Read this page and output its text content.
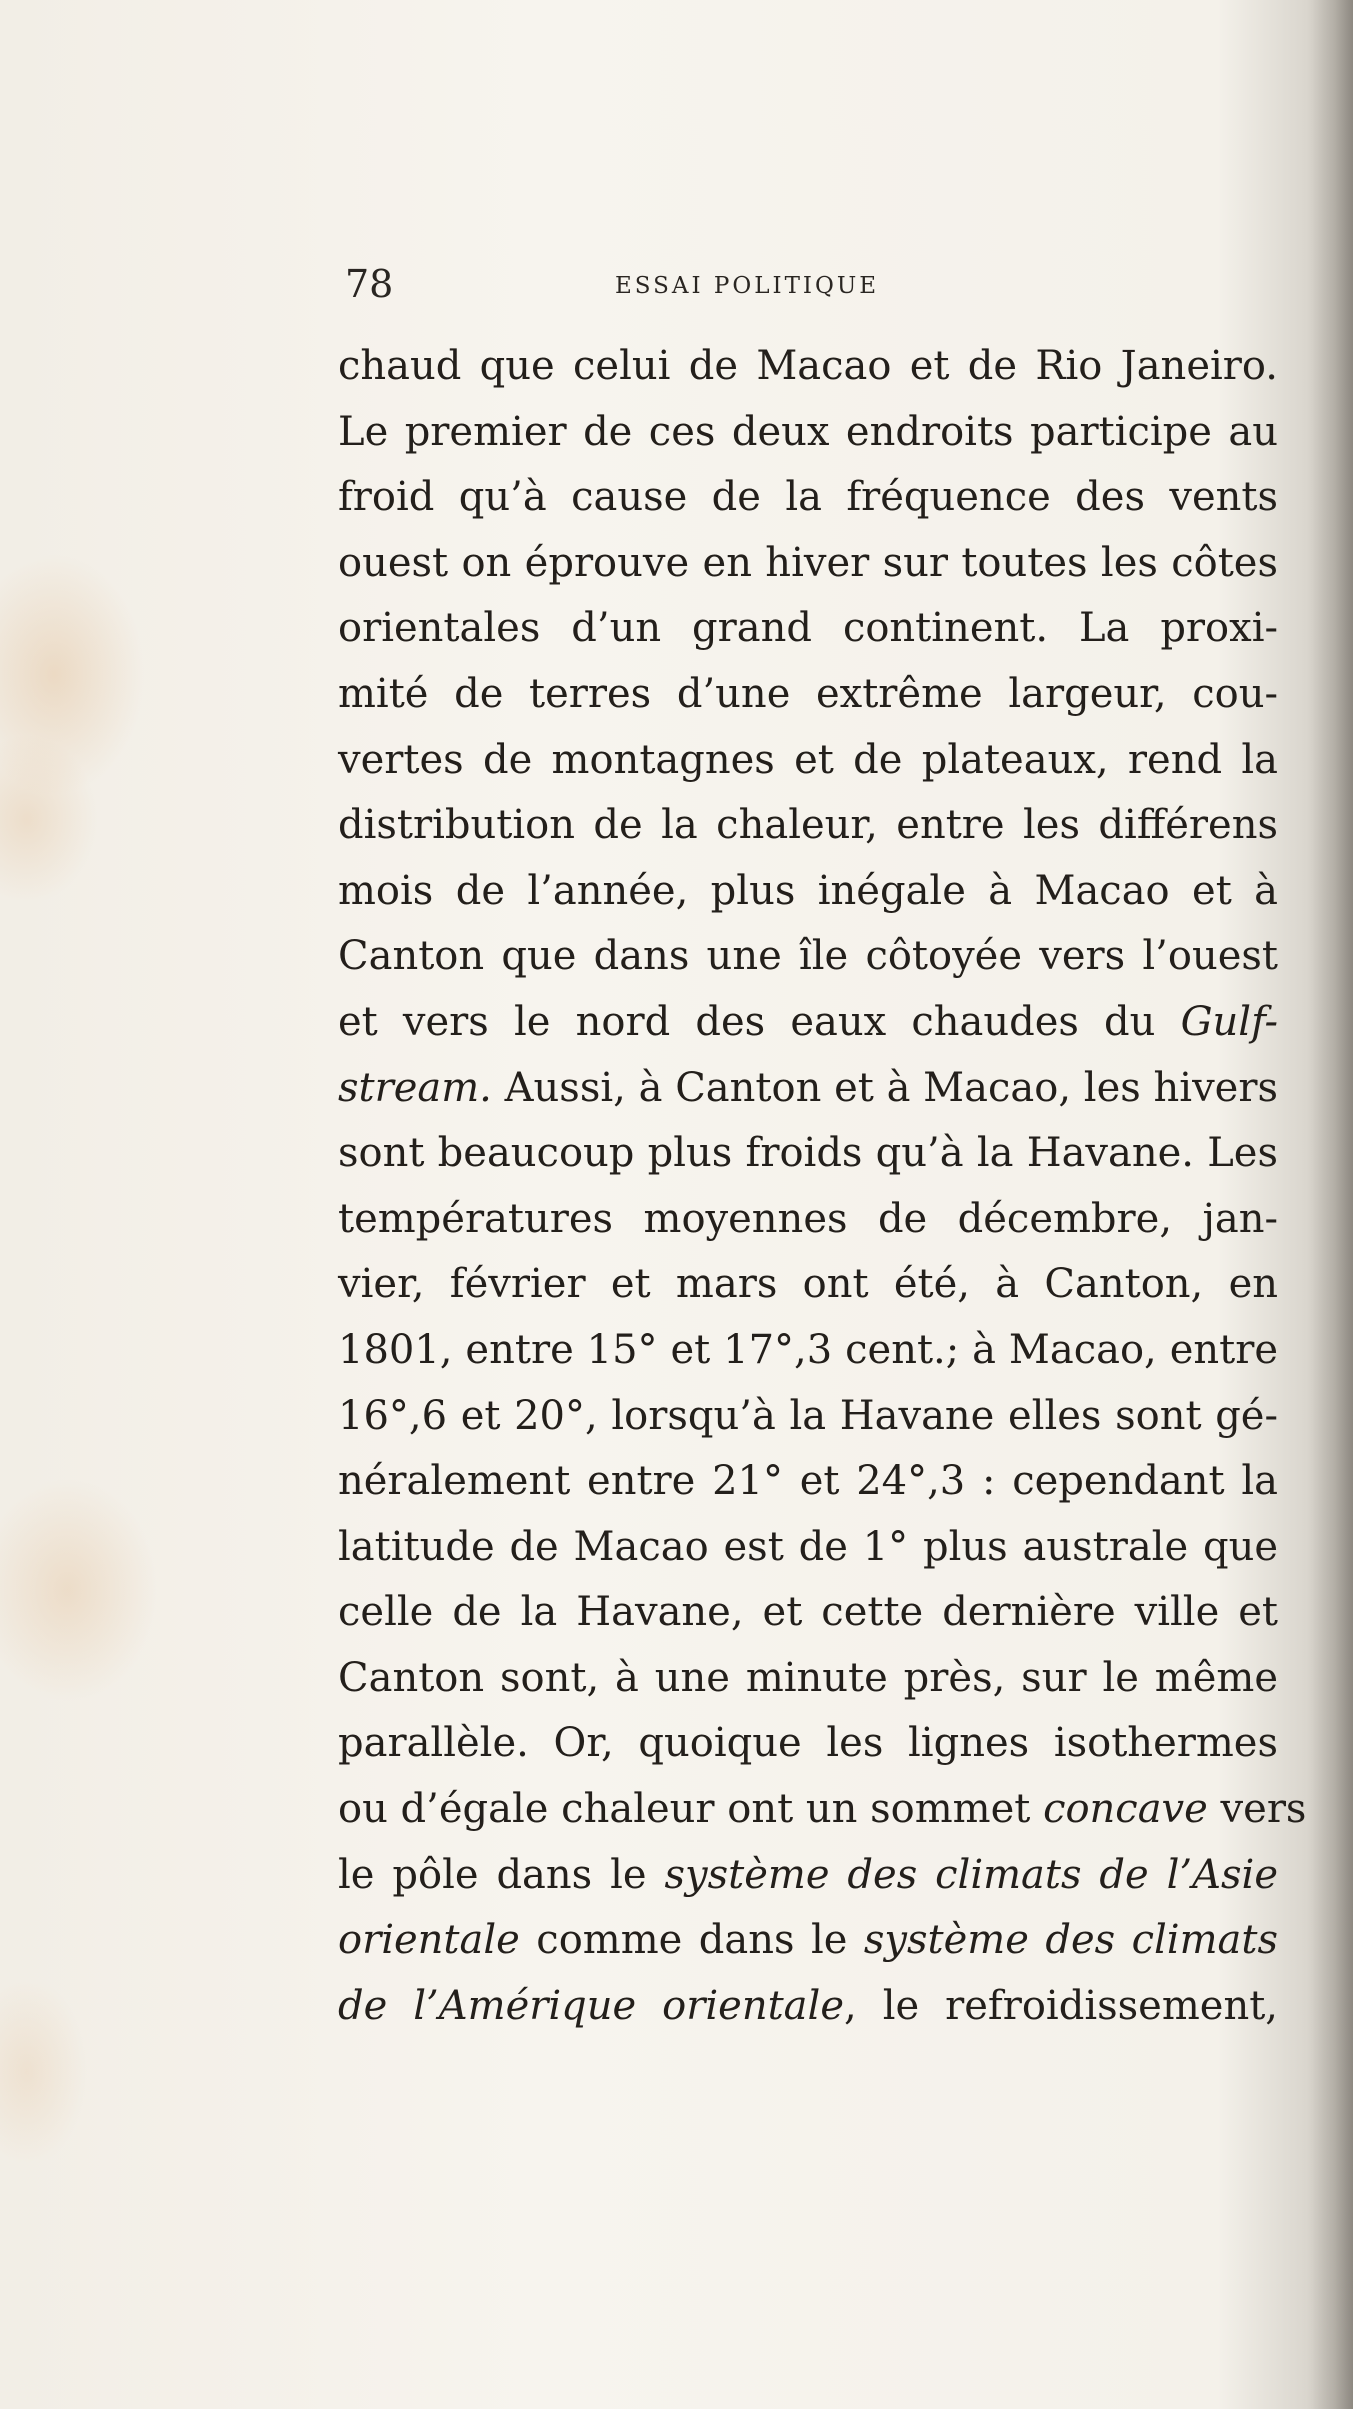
78	ESSAI POLITIQUE
chaud que celui de Macao et de Rio Janeiro.
Le premier de ces deux endroits participe au
froid qu’à cause de la fréquence des vents
ouest on éprouve en hiver sur toutes les côtes
orientales d’un grand continent. La proxi-
mité de terres d’une extrême largeur, cou-
vertes de montagnes et de plateaux, rend la
distribution de la chaleur, entre les différens
mois de l’année, plus inégale à Macao et à
Canton que dans une île côtoyée vers l’ouest
et vers le nord des eaux chaudes du Gulf-
stream. Aussi, à Canton et à Macao, les hivers
sont beaucoup plus froids qu’à la Havane. Les
températures moyennes de décembre, jan-
vier, février et mars ont été, à Canton, en
1801, entre 15° et 17°,3 cent.; à Macao, entre
16°,6 et 20°, lorsqu’à la Havane elles sont gé-
néralement entre 21° et 24°,3 : cependant la
latitude de Macao est de 1° plus australe que
celle de la Havane, et cette dernière ville et
Canton sont, à une minute près, sur le même
parallèle. Or, quoique les lignes isothermes
ou d’égale chaleur ont un sommet concave vers
le pôle dans le système des climats de l’Asie
orientale comme dans le système des climats
de l’Amérique orientale, le refroidissement,
